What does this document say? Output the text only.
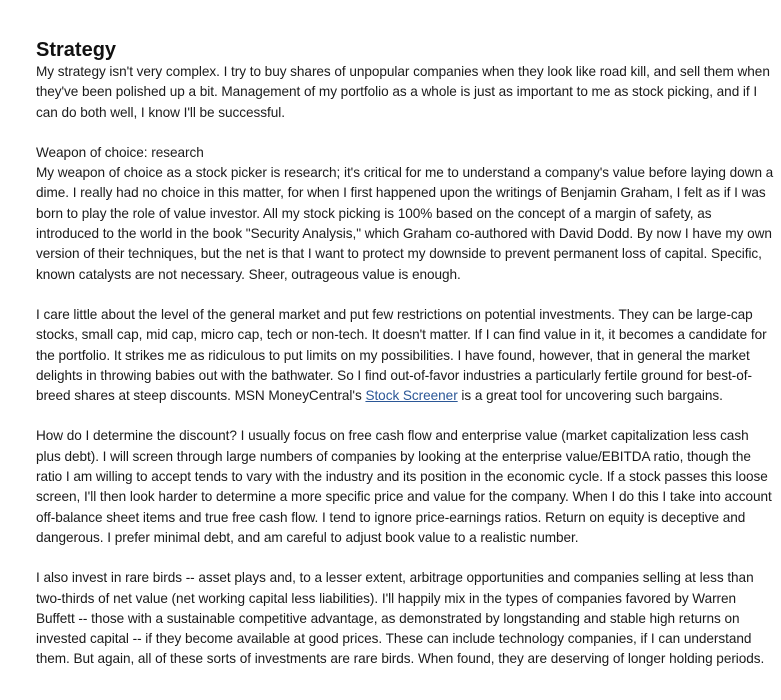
Strategy

My strategy isn't very complex. I try to buy shares of unpopular companies when they look like road kill, and sell them when they've been polished up a bit. Management of my portfolio as a whole is just as important to me as stock picking, and if I can do both well, I know I'll be successful.

Weapon of choice: research

My weapon of choice as a stock picker is research; it's critical for me to understand a company's value before laying down a dime. I really had no choice in this matter, for when I first happened upon the writings of Benjamin Graham, I felt as if I was born to play the role of value investor. All my stock picking is 100% based on the concept of a margin of safety, as introduced to the world in the book "Security Analysis," which Graham co-authored with David Dodd. By now I have my own version of their techniques, but the net is that I want to protect my downside to prevent permanent loss of capital. Specific, known catalysts are not necessary. Sheer, outrageous value is enough.

I care little about the level of the general market and put few restrictions on potential investments. They can be large-cap stocks, small cap, mid cap, micro cap, tech or non-tech. It doesn't matter. If I can find value in it, it becomes a candidate for the portfolio. It strikes me as ridiculous to put limits on my possibilities. I have found, however, that in general the market delights in throwing babies out with the bathwater. So I find out-of-favor industries a particularly fertile ground for best-of-breed shares at steep discounts. MSN MoneyCentral's Stock Screener is a great tool for uncovering such bargains.

How do I determine the discount? I usually focus on free cash flow and enterprise value (market capitalization less cash plus debt). I will screen through large numbers of companies by looking at the enterprise value/EBITDA ratio, though the ratio I am willing to accept tends to vary with the industry and its position in the economic cycle. If a stock passes this loose screen, I'll then look harder to determine a more specific price and value for the company. When I do this I take into account off-balance sheet items and true free cash flow. I tend to ignore price-earnings ratios. Return on equity is deceptive and dangerous. I prefer minimal debt, and am careful to adjust book value to a realistic number.

I also invest in rare birds -- asset plays and, to a lesser extent, arbitrage opportunities and companies selling at less than two-thirds of net value (net working capital less liabilities). I'll happily mix in the types of companies favored by Warren Buffett -- those with a sustainable competitive advantage, as demonstrated by longstanding and stable high returns on invested capital -- if they become available at good prices. These can include technology companies, if I can understand them. But again, all of these sorts of investments are rare birds. When found, they are deserving of longer holding periods.
